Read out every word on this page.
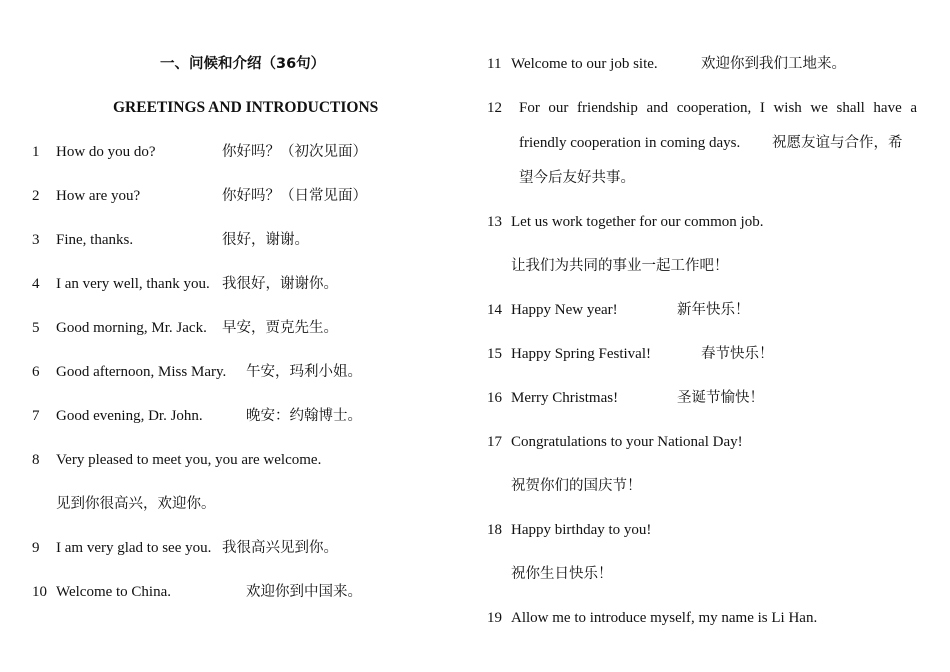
一、问候和介绍（36句）
GREETINGS AND INTRODUCTIONS
1 How do you do?	你好吗？（初次见面）
2 How are you?	你好吗？（日常见面）
3 Fine, thanks.	很好，谢谢。
4 I an very well, thank you. 我很好，谢谢你。
5 Good morning, Mr. Jack. 早安，贾克先生。
6 Good afternoon, Miss Mary. 午安，玛利小姐。
7 Good evening, Dr. John.	晚安：约翰博士。
8 Very pleased to meet you, you are welcome.
见到你很高兴，欢迎你。
9 I am very glad to see you. 我很高兴见到你。
10 Welcome to China.	欢迎你到中国来。
11 Welcome to our job site.	欢迎你到我们工地来。
12 For our friendship and cooperation, I wish we shall have a
friendly cooperation in coming days. 祝愿友谊与合作，希
望今后友好共事。
13 Let us work together for our common job.
让我们为共同的事业一起工作吧！
14 Happy New year!	新年快乐！
15 Happy Spring Festival!	春节快乐！
16 Merry Christmas!	圣诞节愉快！
17 Congratulations to your National Day!
祝贺你们的国庆节！
18 Happy birthday to you!
祝你生日快乐！
19 Allow me to introduce myself, my name is Li Han.
